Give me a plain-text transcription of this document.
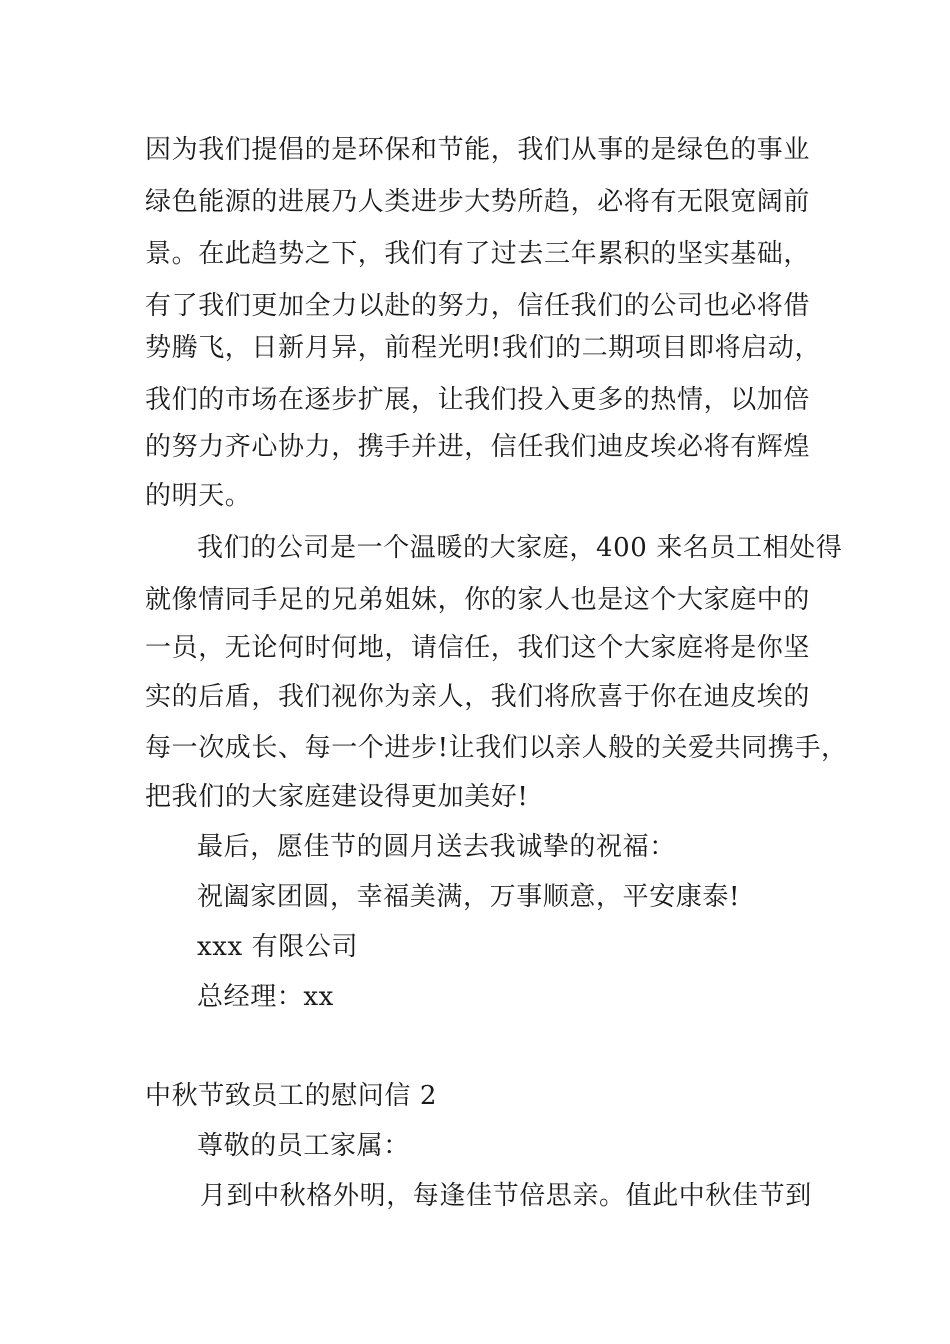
因为我们提倡的是环保和节能，我们从事的是绿色的事业
绿色能源的进展乃人类进步大势所趋，必将有无限宽阔前
景。在此趋势之下，我们有了过去三年累积的坚实基础，
有了我们更加全力以赴的努力，信任我们的公司也必将借
势腾飞，日新月异，前程光明!我们的二期项目即将启动，
我们的市场在逐步扩展，让我们投入更多的热情，以加倍
的努力齐心协力，携手并进，信任我们迪皮埃必将有辉煌
的明天。
我们的公司是一个温暖的大家庭，400 来名员工相处得
就像情同手足的兄弟姐妹，你的家人也是这个大家庭中的
一员，无论何时何地，请信任，我们这个大家庭将是你坚
实的后盾，我们视你为亲人，我们将欣喜于你在迪皮埃的
每一次成长、每一个进步!让我们以亲人般的关爱共同携手，
把我们的大家庭建设得更加美好!
最后，愿佳节的圆月送去我诚挚的祝福：
祝阖家团圆，幸福美满，万事顺意，平安康泰!
xxx 有限公司
总经理：xx
中秋节致员工的慰问信 2
尊敬的员工家属：
月到中秋格外明，每逢佳节倍思亲。值此中秋佳节到
